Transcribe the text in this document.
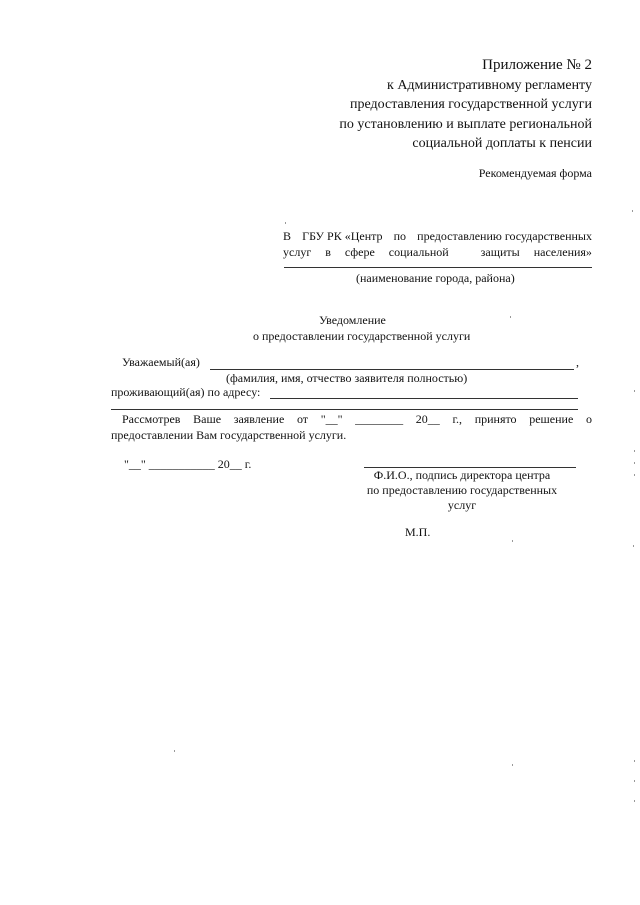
Приложение № 2
к Административному регламенту
предоставления государственной услуги
по установлению и выплате региональной
социальной доплаты к пенсии
Рекомендуемая форма
В ГБУ РК «Центр по предоставлению государственных
услуг в сфере социальной	защиты населения»
(наименование города, района)
Уведомление
о предоставлении государственной услуги
Уважаемый(ая)	,
(фамилия, имя, отчество заявителя полностью)
проживающий(ая) по адресу:
Рассмотрев Ваше заявление от "__" ________ 20__ г., принято решение о
предоставлении Вам государственной услуги.
"__" ___________ 20__ г.
Ф.И.О., подпись директора центра
по предоставлению государственных
услуг
М.П.
